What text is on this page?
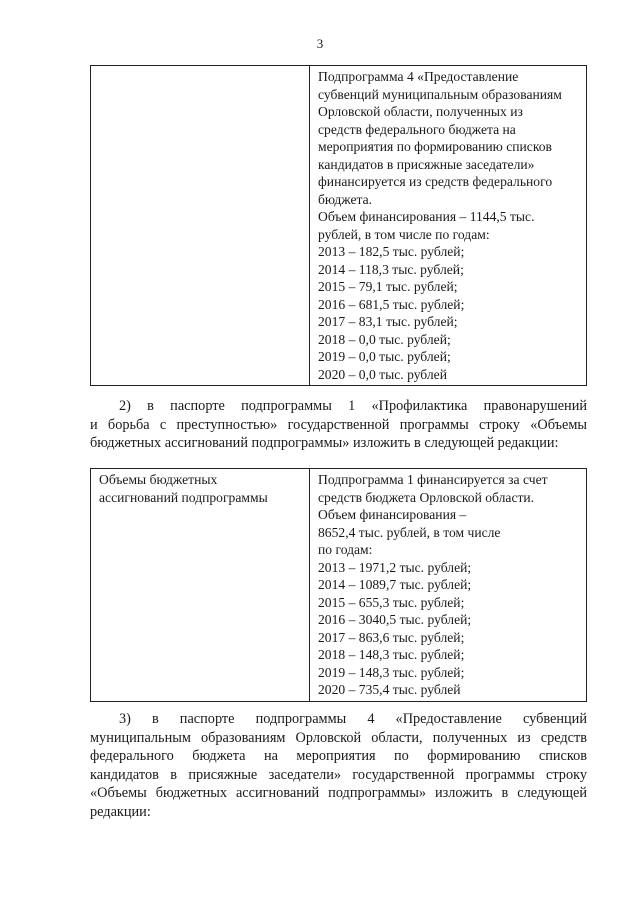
3

Подпрограмма 4 «Предоставление
субвенций муниципальным образованиям
Орловской области, полученных из
средств федерального бюджета на
мероприятия по формированию списков
кандидатов в присяжные заседатели»
финансируется из средств федерального
бюджета.
Объем финансирования – 1144,5 тыс.
рублей, в том числе по годам:
2013 – 182,5 тыс. рублей;
2014 – 118,3 тыс. рублей;
2015 – 79,1 тыс. рублей;
2016 – 681,5 тыс. рублей;
2017 – 83,1 тыс. рублей;
2018 – 0,0 тыс. рублей;
2019 – 0,0 тыс. рублей;
2020 – 0,0 тыс. рублей
2) в паспорте подпрограммы 1 «Профилактика правонарушений
и борьба с преступностью» государственной программы строку «Объемы
бюджетных ассигнований подпрограммы» изложить в следующей редакции:
Объемы бюджетных
ассигнований подпрограммы

Подпрограмма 1 финансируется за счет
средств бюджета Орловской области.
Объем финансирования –
8652,4 тыс. рублей, в том числе
по годам:
2013 – 1971,2 тыс. рублей;
2014 – 1089,7 тыс. рублей;
2015 – 655,3 тыс. рублей;
2016 – 3040,5 тыс. рублей;
2017 – 863,6 тыс. рублей;
2018 – 148,3 тыс. рублей;
2019 – 148,3 тыс. рублей;
2020 – 735,4 тыс. рублей
3) в паспорте подпрограммы 4 «Предоставление субвенций
муниципальным образованиям Орловской области, полученных из средств
федерального бюджета на мероприятия по формированию списков
кандидатов в присяжные заседатели» государственной программы строку
«Объемы бюджетных ассигнований подпрограммы» изложить в следующей
редакции:
